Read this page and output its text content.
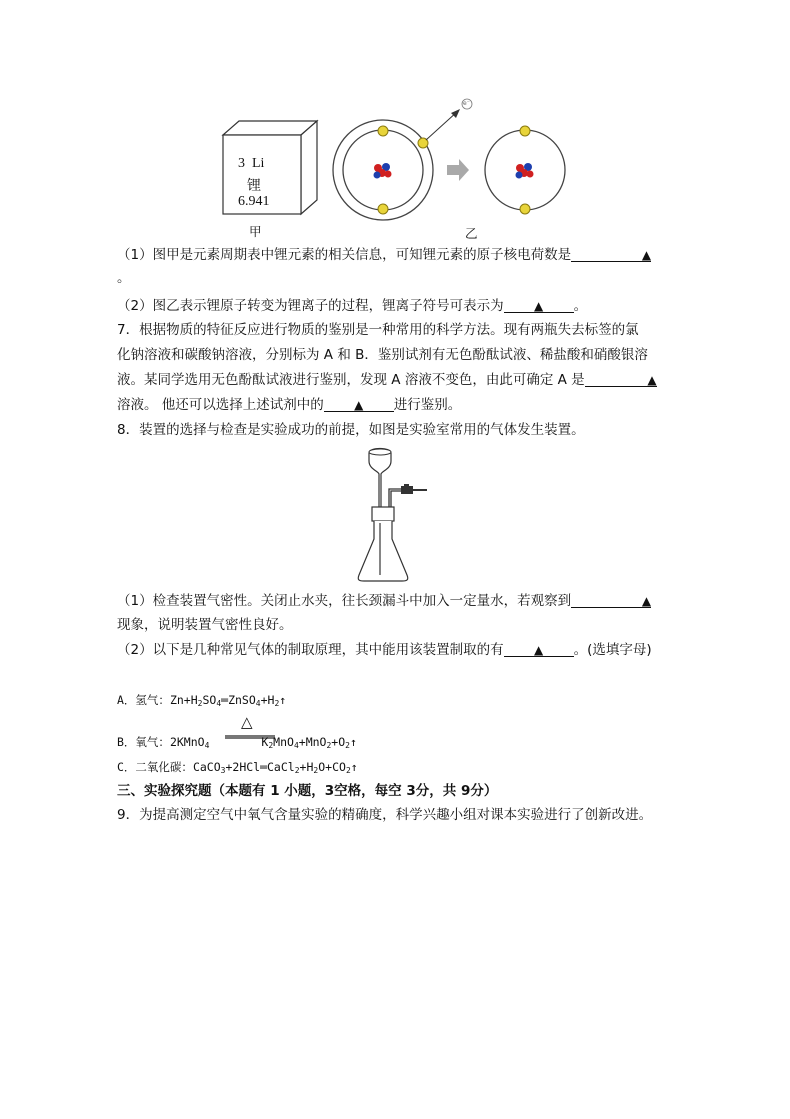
e⁻
3  Li
锂
6.941
甲	乙
（1）图甲是元素周期表中锂元素的相关信息，可知锂元素的原子核电荷数是	▲
。
（2）图乙表示锂原子转变为锂离子的过程，锂离子符号可表示为	▲ 。
7．根据物质的特征反应进行物质的鉴别是一种常用的科学方法。现有两瓶失去标签的氯
化钠溶液和碳酸钠溶液，分别标为 A 和 B．鉴别试剂有无色酚酞试液、稀盐酸和硝酸银溶
液。某同学选用无色酚酞试液进行鉴别，发现 A 溶液不变色，由此可确定 A 是	▲
溶液。 他还可以选择上述试剂中的	▲ 进行鉴别。
8．装置的选择与检查是实验成功的前提，如图是实验室常用的气体发生装置。
（1）检查装置气密性。关闭止水夹，往长颈漏斗中加入一定量水，若观察到	▲
现象，说明装置气密性良好。
（2）以下是几种常见气体的制取原理，其中能用该装置制取的有	▲ 。(选填字母)
A．氢气：$Zn+H_2SO_4═ZnSO_4+H_2↑$
△
B．氧气：2KMnO$_4$	$K_2MnO_4+MnO_2+O_2↑$
C．二氧化碳：$CaCO_3+2HCl═CaCl_2+H_2O+CO_2↑$
三、实验探究题（本题有 1 小题，3空格，每空 3分，共 9分）
9．为提高测定空气中氧气含量实验的精确度，科学兴趣小组对课本实验进行了创新改进。
